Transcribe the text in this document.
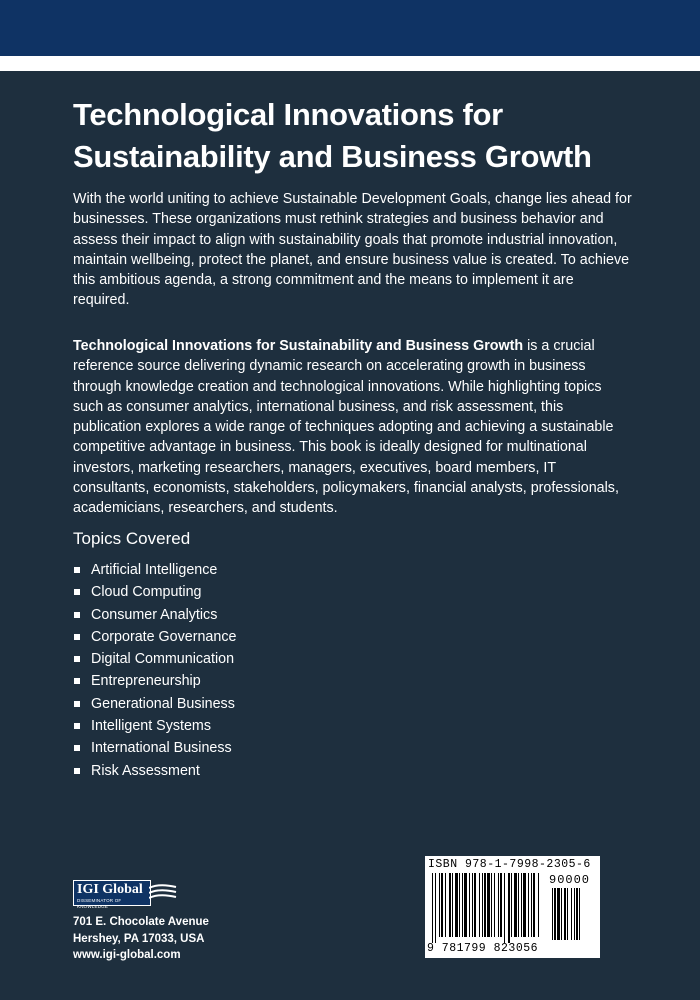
Technological Innovations for Sustainability and Business Growth

With the world uniting to achieve Sustainable Development Goals, change lies ahead for businesses. These organizations must rethink strategies and business behavior and assess their impact to align with sustainability goals that promote industrial innovation, maintain wellbeing, protect the planet, and ensure business value is created. To achieve this ambitious agenda, a strong commitment and the means to implement it are required.

Technological Innovations for Sustainability and Business Growth is a crucial reference source delivering dynamic research on accelerating growth in business through knowledge creation and technological innovations. While highlighting topics such as consumer analytics, international business, and risk assessment, this publication explores a wide range of techniques adopting and achieving a sustainable competitive advantage in business. This book is ideally designed for multinational investors, marketing researchers, managers, executives, board members, IT consultants, economists, stakeholders, policymakers, financial analysts, professionals, academicians, researchers, and students.

Topics Covered
Artificial Intelligence
Cloud Computing
Consumer Analytics
Corporate Governance
Digital Communication
Entrepreneurship
Generational Business
Intelligent Systems
International Business
Risk Assessment
IGI Global
DISSEMINATOR OF KNOWLEDGE

701 E. Chocolate Avenue
Hershey, PA 17033, USA
www.igi-global.com

ISBN 978-1-7998-2305-6
90000
9 781799 823056
